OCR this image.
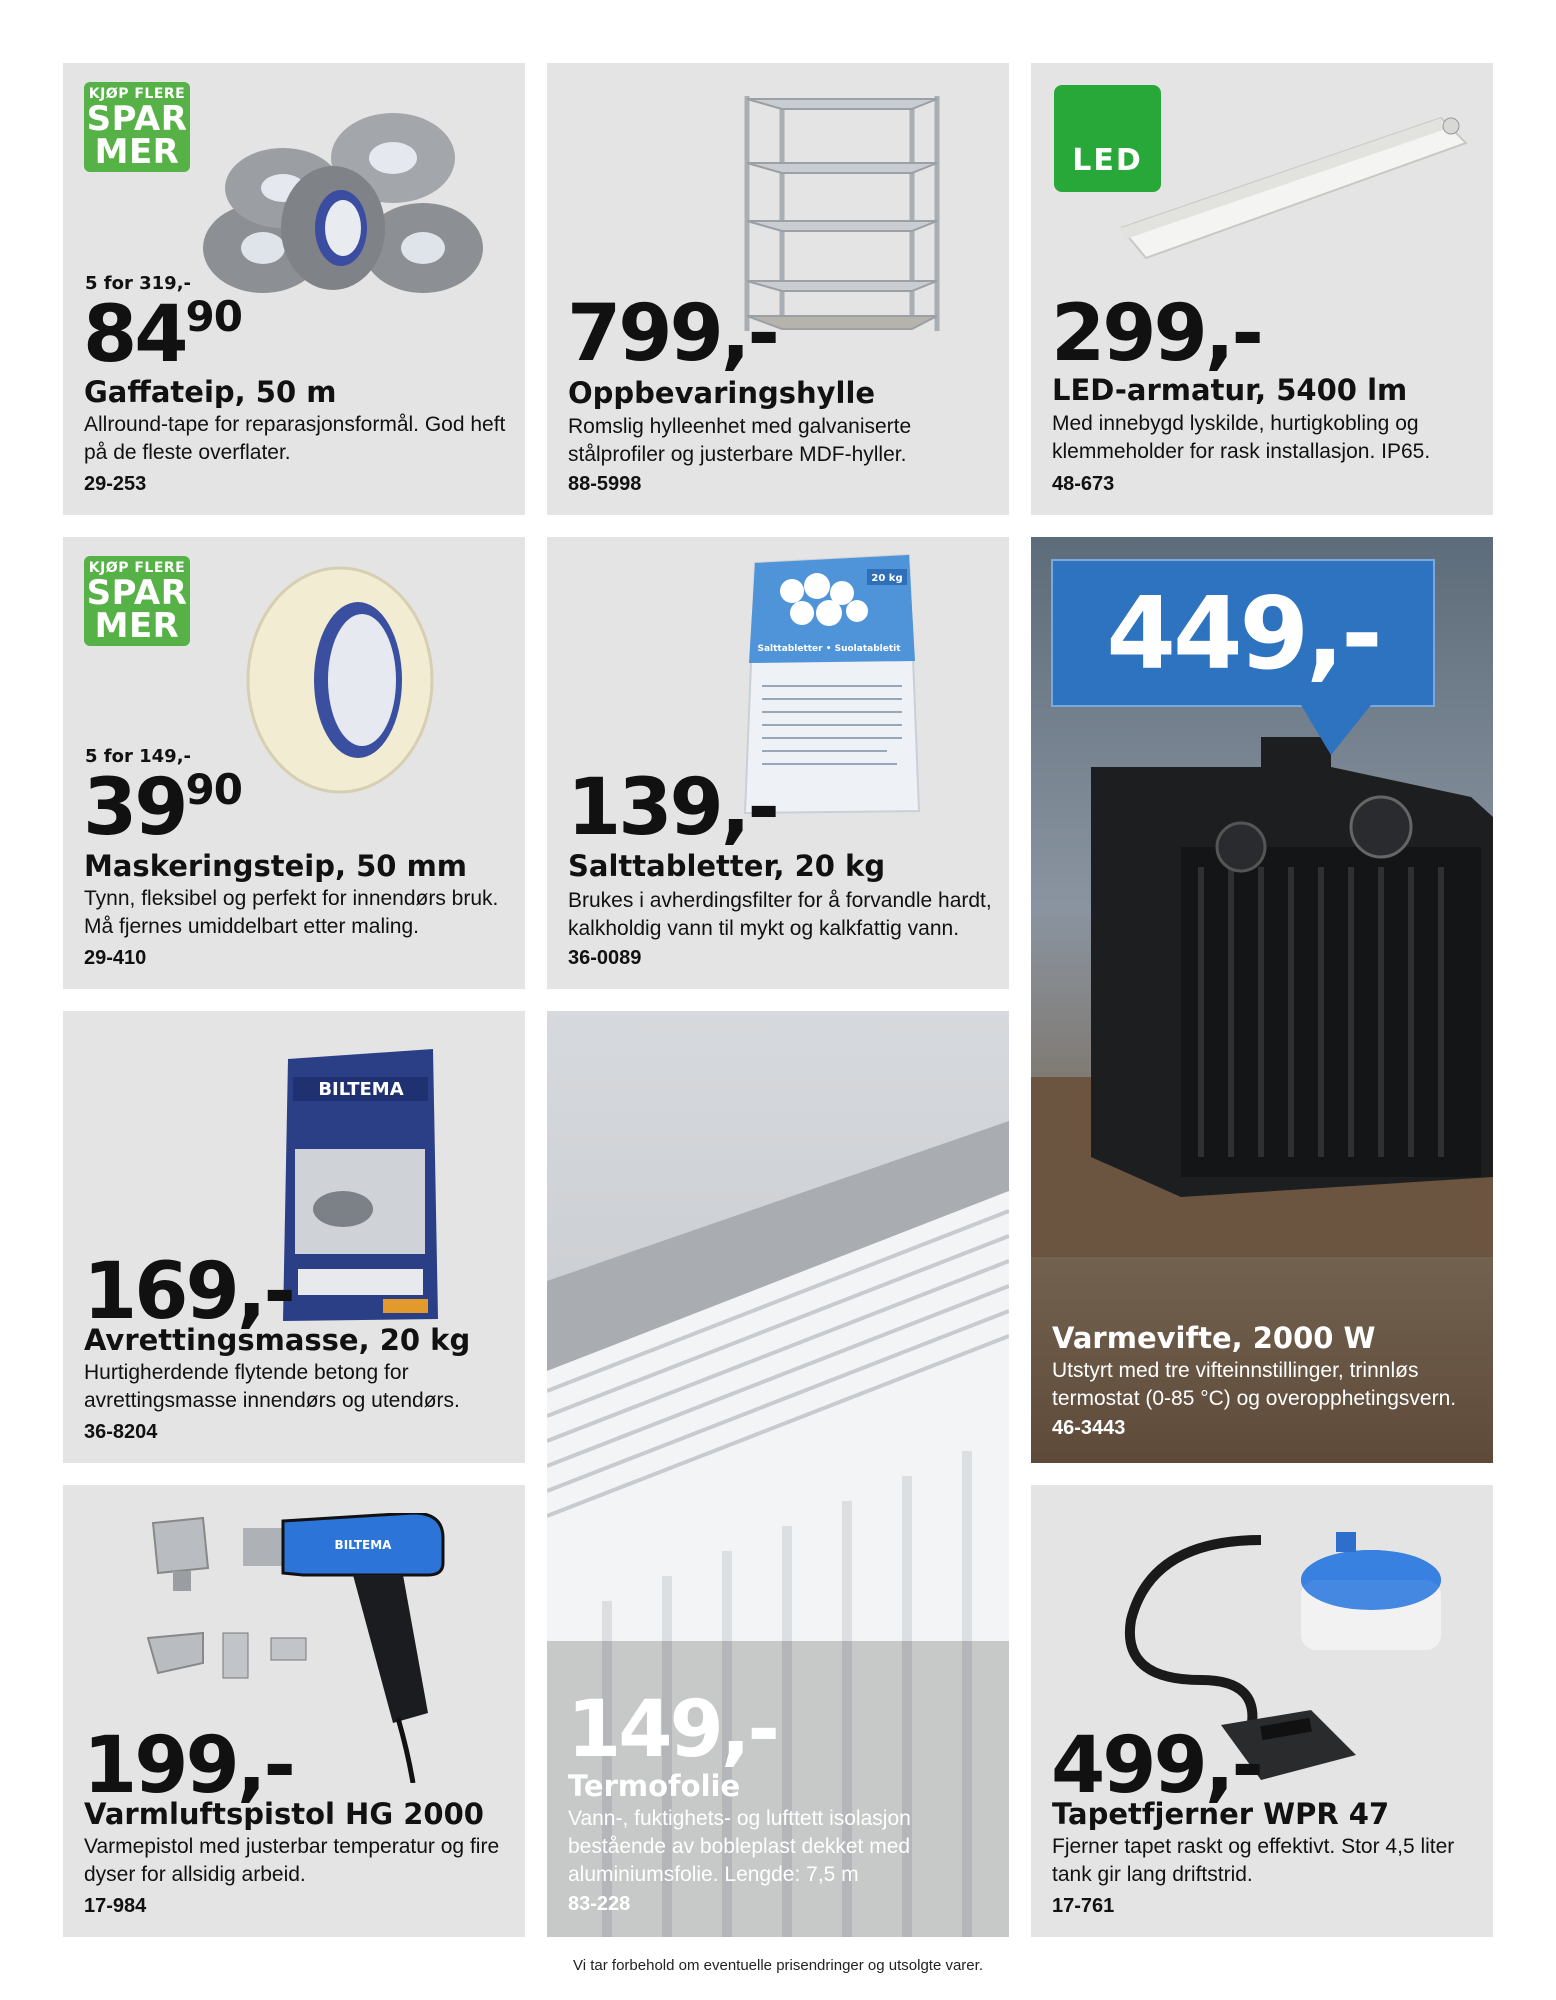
KJØP FLERE
SPAR
MER
5 for 319,-
$84^{90}$
Gaffateip, 50 m
Allround-tape for reparasjonsformål. God heft på de fleste overflater.
29-253
799,-
Oppbevaringshylle
Romslig hylleenhet med galvaniserte stålprofiler og justerbare MDF-hyller.
88-5998
LED
299,-
LED-armatur, 5400 lm
Med innebygd lyskilde, hurtigkobling og klemmeholder for rask installasjon. IP65.
48-673
KJØP FLERE
SPAR
MER
5 for 149,-
$39^{90}$
Maskeringsteip, 50 mm
Tynn, fleksibel og perfekt for innendørs bruk. Må fjernes umiddelbart etter maling.
29-410
20 kg
Salttabletter • Suolatabletit
139,-
Salttabletter, 20 kg
Brukes i avherdingsfilter for å forvandle hardt, kalkholdig vann til mykt og kalkfattig vann.
36-0089
449,-
Varmevifte, 2000 W
Utstyrt med tre vifteinnstillinger, trinnløs termostat (0-85 °C) og overopphetingsvern.
46-3443
BILTEMA
169,-
Avrettingsmasse, 20 kg
Hurtigherdende flytende betong for avrettingsmasse innendørs og utendørs.
36-8204
149,-
Termofolie
Vann-, fuktighets- og lufttett isolasjon bestående av bobleplast dekket med aluminiumsfolie. Lengde: 7,5 m
83-228
BILTEMA
199,-
Varmluftspistol HG 2000
Varmepistol med justerbar temperatur og fire dyser for allsidig arbeid.
17-984
499,-
Tapetfjerner WPR 47
Fjerner tapet raskt og effektivt. Stor 4,5 liter tank gir lang driftstrid.
17-761
Vi tar forbehold om eventuelle prisendringer og utsolgte varer.
